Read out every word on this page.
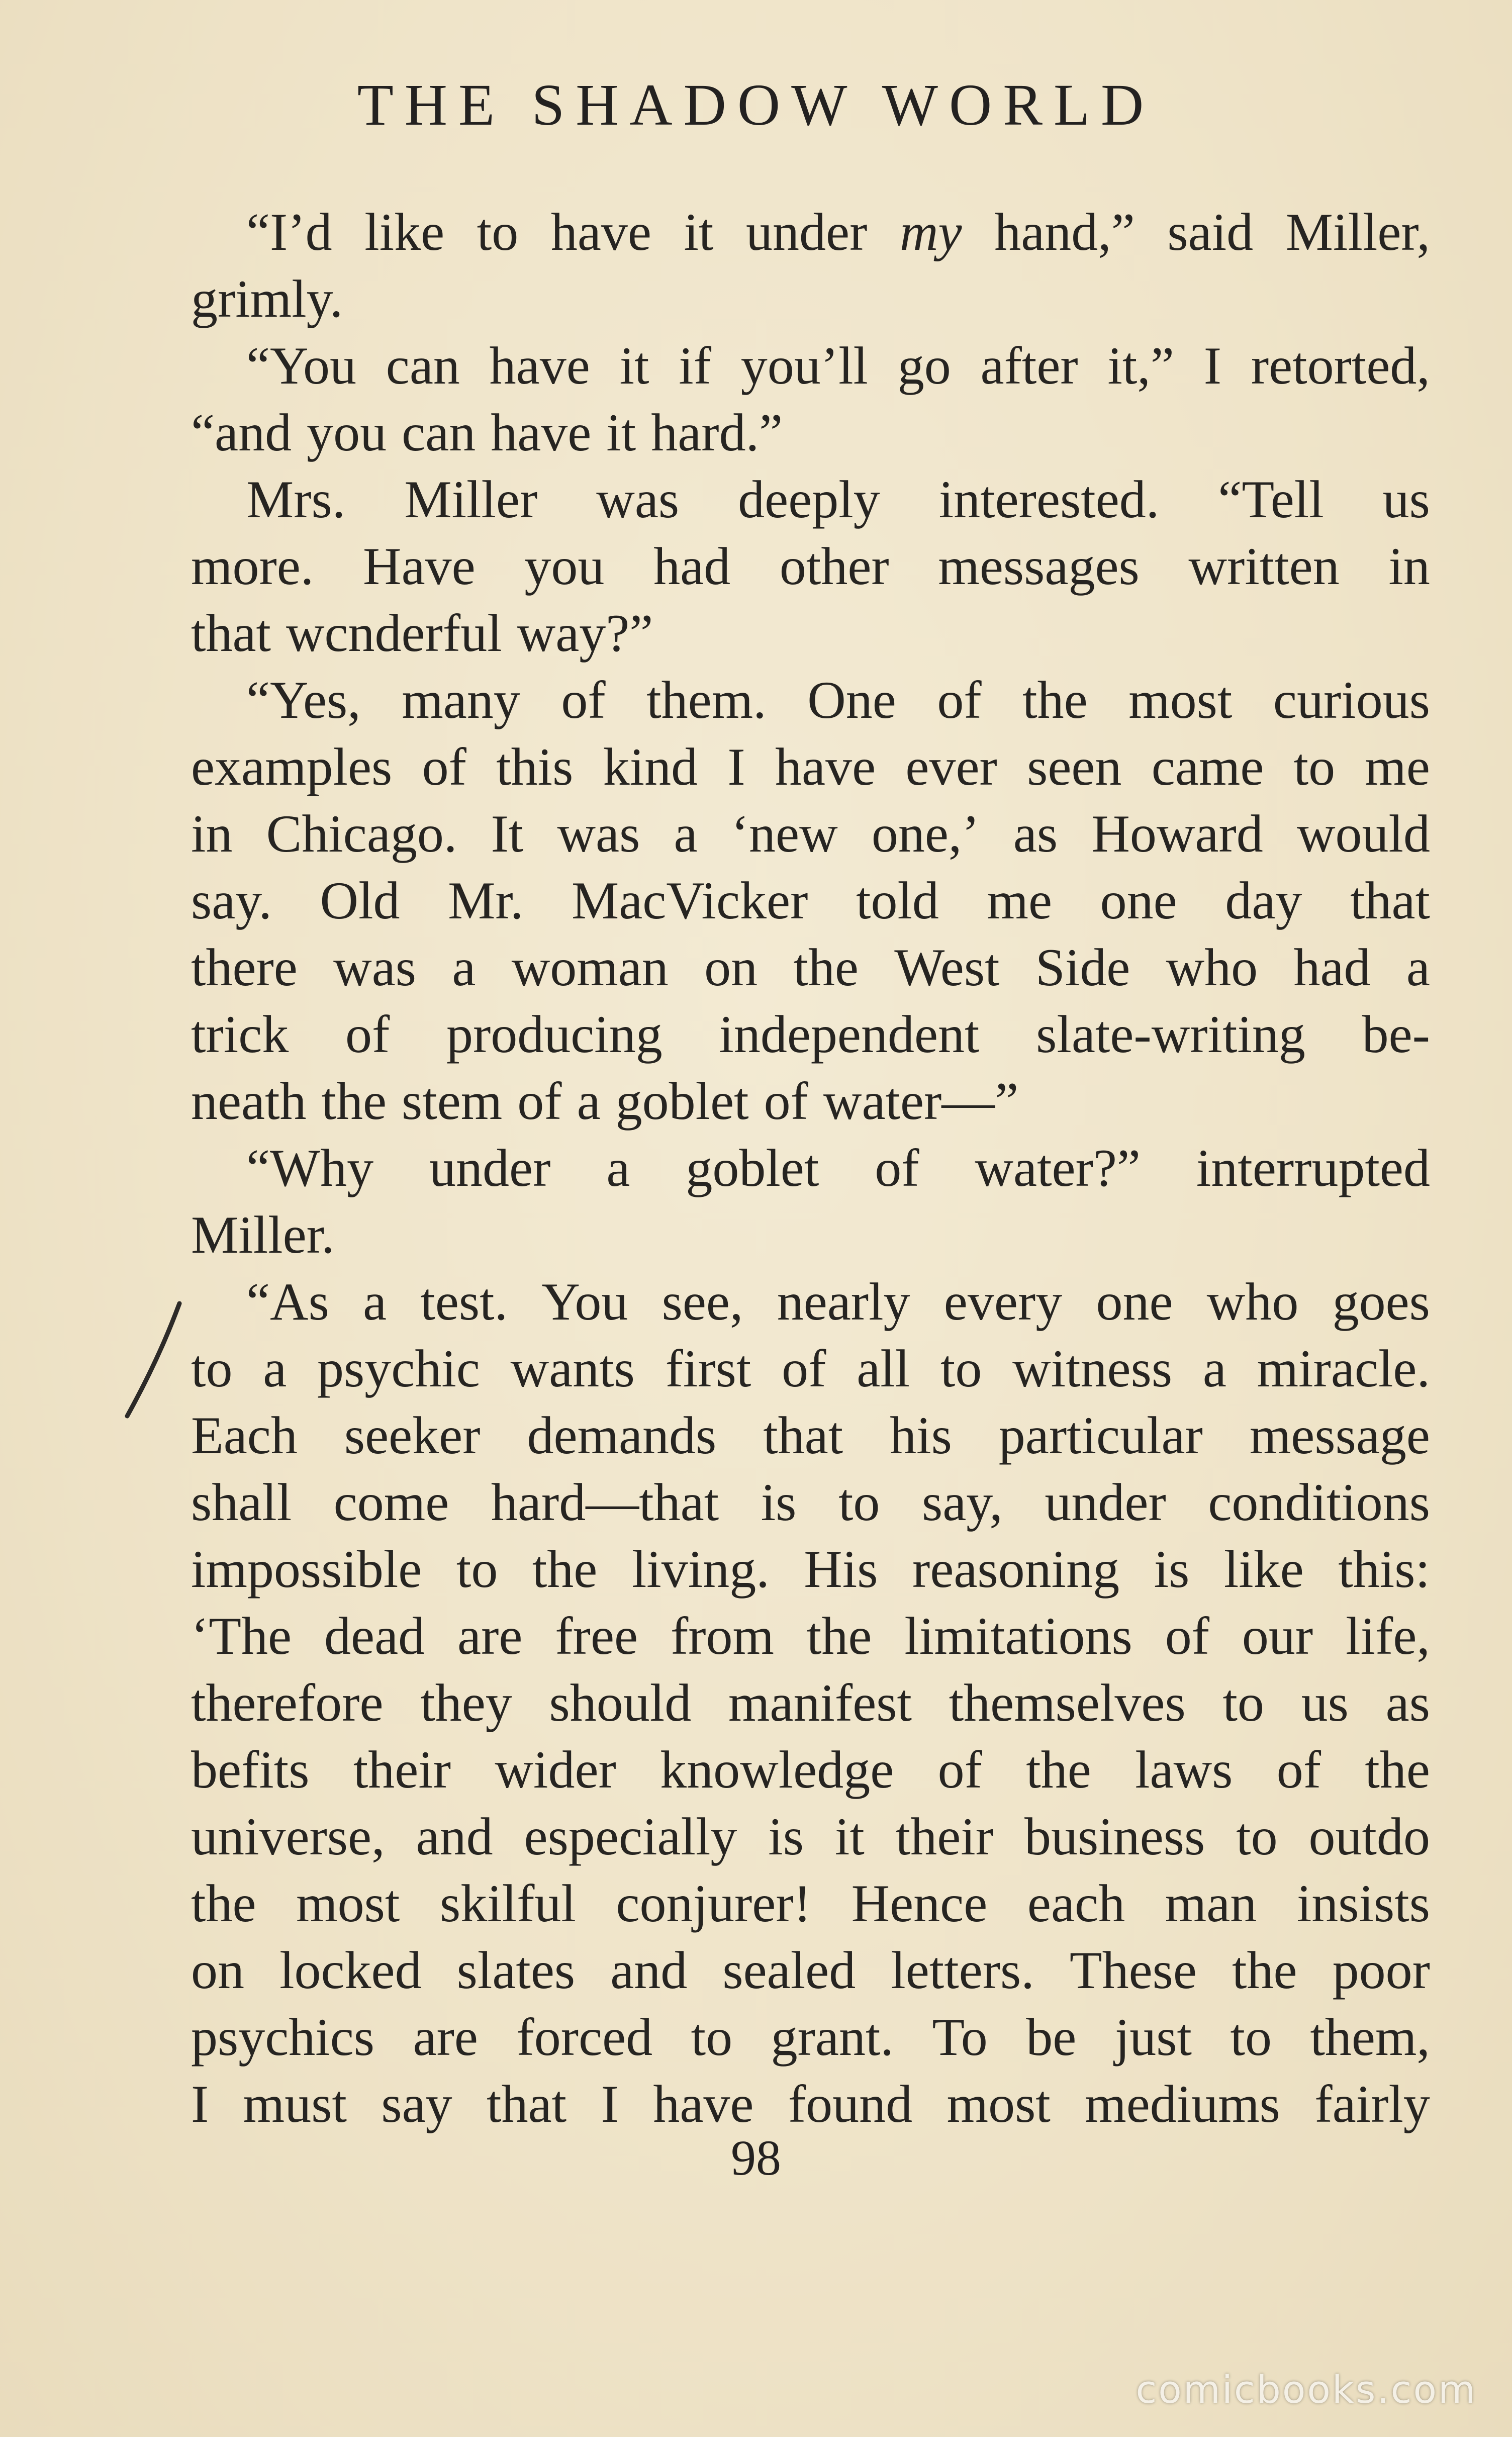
THE SHADOW WORLD
“I’d like to have it under my hand,” said Miller,
grimly.
“You can have it if you’ll go after it,” I retorted,
“and you can have it hard.”
Mrs. Miller was deeply interested. “Tell us
more. Have you had other messages written in
that wcnderful way?”
“Yes, many of them. One of the most curious
examples of this kind I have ever seen came to me
in Chicago. It was a ‘new one,’ as Howard would
say. Old Mr. MacVicker told me one day that
there was a woman on the West Side who had a
trick of producing independent slate-writing be-
neath the stem of a goblet of water—”
“Why under a goblet of water?” interrupted
Miller.
“As a test. You see, nearly every one who goes
to a psychic wants first of all to witness a miracle.
Each seeker demands that his particular message
shall come hard—that is to say, under conditions
impossible to the living. His reasoning is like this:
‘The dead are free from the limitations of our life,
therefore they should manifest themselves to us as
befits their wider knowledge of the laws of the
universe, and especially is it their business to outdo
the most skilful conjurer! Hence each man insists
on locked slates and sealed letters. These the poor
psychics are forced to grant. To be just to them,
I must say that I have found most mediums fairly
98
comicbooks.com
